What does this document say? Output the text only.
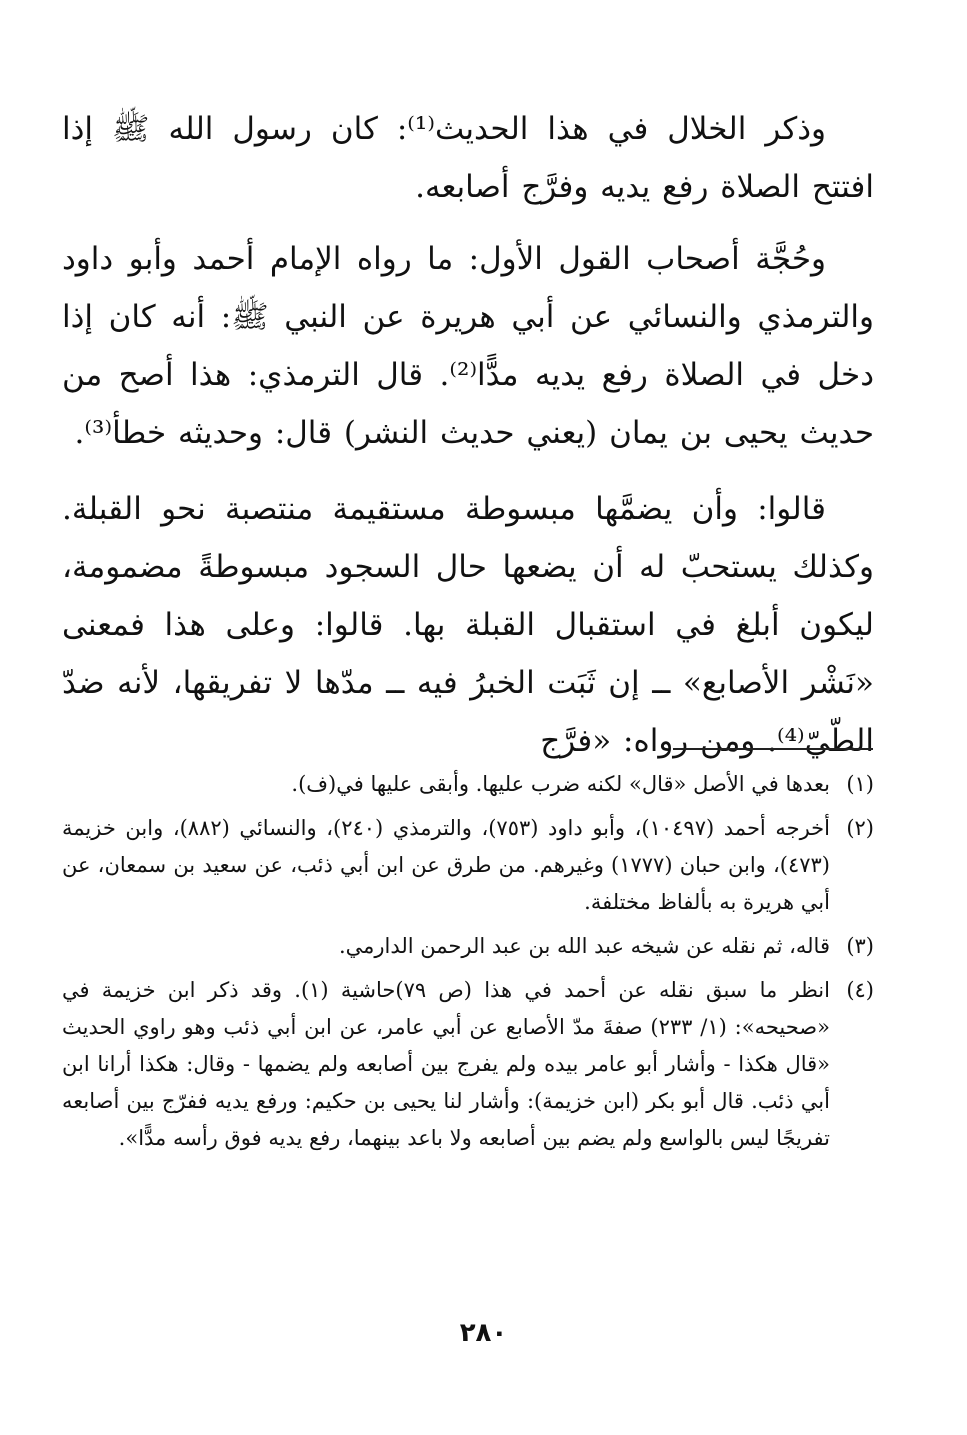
وذكر الخلال في هذا الحديث⁽¹⁾: كان رسول الله ﷺ إذا افتتح الصلاة رفع يديه وفرَّج أصابعه.

وحُجَّة أصحاب القول الأول: ما رواه الإمام أحمد وأبو داود والترمذي والنسائي عن أبي هريرة عن النبي ﷺ: أنه كان إذا دخل في الصلاة رفع يديه مدًّا⁽²⁾. قال الترمذي: هذا أصح من حديث يحيى بن يمان (يعني حديث النشر) قال: وحديثه خطأ⁽³⁾.

قالوا: وأن يضمَّها مبسوطة مستقيمة منتصبة نحو القبلة. وكذلك يستحبّ له أن يضعها حال السجود مبسوطةً مضمومة، ليكون أبلغ في استقبال القبلة بها. قالوا: وعلى هذا فمعنى «نَشْر الأصابع» ــ إن ثَبَت الخبرُ فيه ــ مدّها لا تفريقها، لأنه ضدّ الطّيّ⁽⁴⁾. ومن رواه: «فرَّج

(١)
بعدها في الأصل «قال» لكنه ضرب عليها. وأبقى عليها في(ف).
(٢)
أخرجه أحمد (١٠٤٩٧)، وأبو داود (٧٥٣)، والترمذي (٢٤٠)، والنسائي (٨٨٢)، وابن خزيمة (٤٧٣)، وابن حبان (١٧٧٧) وغيرهم. من طرق عن ابن أبي ذئب، عن سعيد بن سمعان، عن أبي هريرة به بألفاظ مختلفة.
(٣)
قاله، ثم نقله عن شيخه عبد الله بن عبد الرحمن الدارمي.
(٤)
انظر ما سبق نقله عن أحمد في هذا (ص ٧٩)حاشية (١). وقد ذكر ابن خزيمة في «صحيحه»: (١/ ٢٣٣) صفةَ مدّ الأصابع عن أبي عامر، عن ابن أبي ذئب وهو راوي الحديث «قال هكذا - وأشار أبو عامر بيده ولم يفرج بين أصابعه ولم يضمها - وقال: هكذا أرانا ابن أبي ذئب. قال أبو بكر (ابن خزيمة): وأشار لنا يحيى بن حكيم: ورفع يديه ففرّج بين أصابعه تفريجًا ليس بالواسع ولم يضم بين أصابعه ولا باعد بينهما، رفع يديه فوق رأسه مدًّا».
٢٨٠
